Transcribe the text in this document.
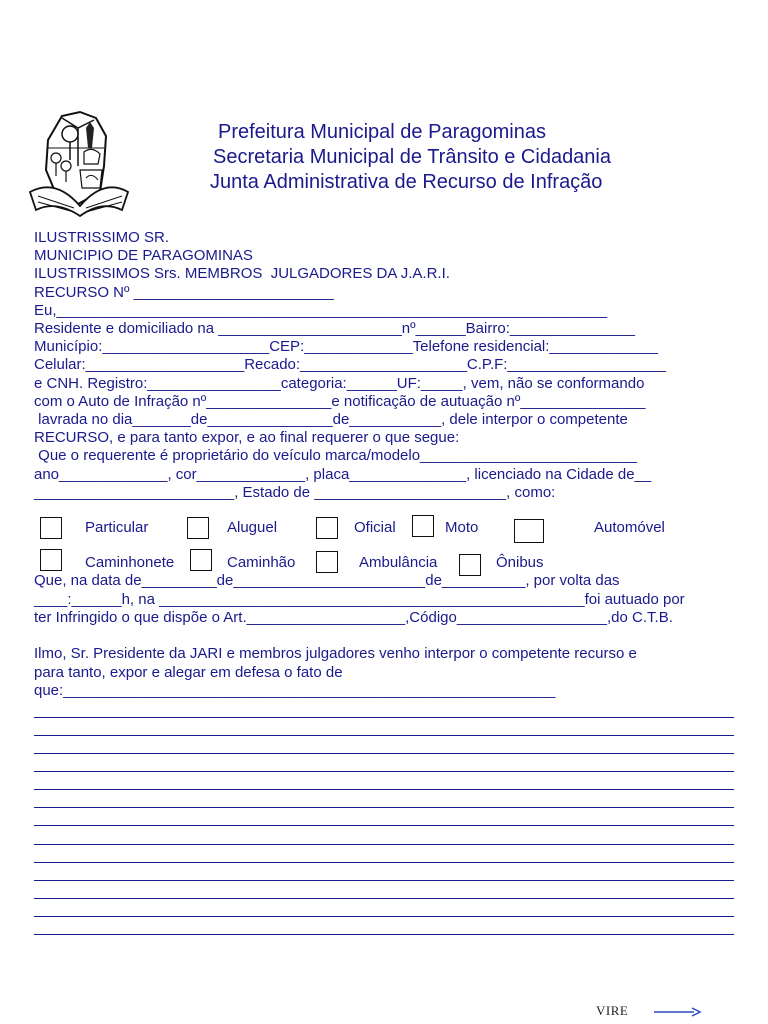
Prefeitura Municipal de Paragominas
Secretaria Municipal de Trânsito e Cidadania
Junta Administrativa de Recurso de Infração
ILUSTRISSIMO SR.
MUNICIPIO DE PARAGOMINAS
ILUSTRISSIMOS Srs. MEMBROS  JULGADORES DA J.A.R.I.
RECURSO Nº ________________________
Eu,__________________________________________________________________
Residente e domiciliado na ______________________nº______Bairro:_______________
Município:____________________CEP:_____________Telefone residencial:_____________
Celular:___________________Recado:____________________C.P.F:___________________
e CNH. Registro:________________categoria:______UF:_____, vem, não se conformando
com o Auto de Infração nº_______________e notificação de autuação nº_______________
lavrada no dia_______de_______________de___________, dele interpor o competente
RECURSO, e para tanto expor, e ao final requerer o que segue:
Que o requerente é proprietário do veículo marca/modelo__________________________
ano_____________, cor_____________, placa______________, licenciado na Cidade de__
________________________, Estado de _______________________, como:
Particular	Aluguel	Oficial	Moto	Automóvel
Caminhonete	Caminhão	Ambulância	Ônibus
Que, na data de_________de_______________________de__________, por volta das
____:______h, na ___________________________________________________foi autuado por
ter Infringido o que dispõe o Art.___________________,Código__________________,do C.T.B.
Ilmo, Sr. Presidente da JARI e membros julgadores venho interpor o competente recurso e
para tanto, expor e alegar em defesa o fato de
que:___________________________________________________________
VIRE
